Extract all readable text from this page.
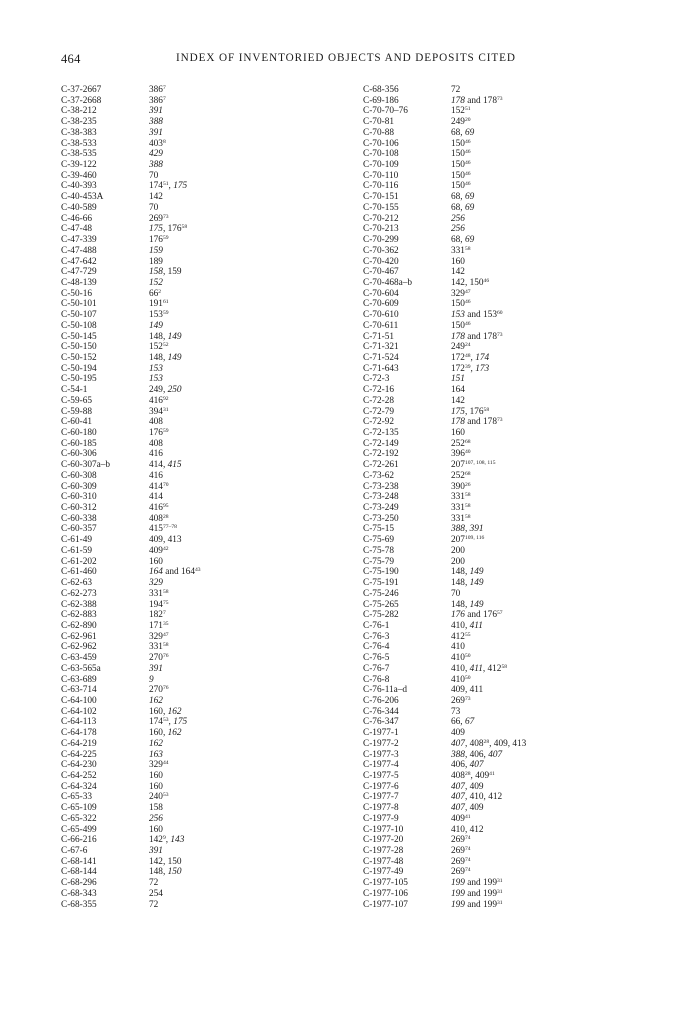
464	INDEX OF INVENTORIED OBJECTS AND DEPOSITS CITED
C-37-2667	$386^7$
C-37-2668	$386^7$
C-38-212	391
C-38-235	388
C-38-383	391
C-38-533	$403^8$
C-38-535	429
C-39-122	388
C-39-460	70
C-40-393	$174^{51}$, 175
C-40-453A	142
C-40-589	70
C-46-66	$269^{73}$
C-47-48	175, $176^{58}$
C-47-339	$176^{59}$
C-47-488	159
C-47-642	189
C-47-729	158, 159
C-48-139	152
C-50-16	$66^2$
C-50-101	$191^{61}$
C-50-107	$153^{59}$
C-50-108	149
C-50-145	148, 149
C-50-150	$152^{52}$
C-50-152	148, 149
C-50-194	153
C-50-195	153
C-54-1	249, 250
C-59-65	$416^{92}$
C-59-88	$394^{31}$
C-60-41	408
C-60-180	$176^{59}$
C-60-185	408
C-60-306	416
C-60-307a–b	414, 415
C-60-308	416
C-60-309	$414^{70}$
C-60-310	414
C-60-312	$416^{95}$
C-60-338	$408^{28}$
C-60-357	415$^{77-78}$
C-61-49	409, 413
C-61-59	$409^{42}$
C-61-202	160
C-61-460	164 and $164^{43}$
C-62-63	329
C-62-273	$331^{58}$
C-62-388	$194^{75}$
C-62-883	$182^7$
C-62-890	$171^{35}$
C-62-961	$329^{47}$
C-62-962	$331^{58}$
C-63-459	$270^{76}$
C-63-565a	391
C-63-689	9
C-63-714	$270^{76}$
C-64-100	162
C-64-102	160, 162
C-64-113	$174^{53}$, 175
C-64-178	160, 162
C-64-219	162
C-64-225	163
C-64-230	$329^{44}$
C-64-252	160
C-64-324	160
C-65-33	$240^{53}$
C-65-109	158
C-65-322	256
C-65-499	160
C-66-216	$142^9$, 143
C-67-6	391
C-68-141	142, 150
C-68-144	148, 150
C-68-296	72
C-68-343	254
C-68-355	72
C-68-356	72
C-69-186	178 and $178^{73}$
C-70-70–76	$152^{51}$
C-70-81	$249^{20}$
C-70-88	68, 69
C-70-106	$150^{46}$
C-70-108	$150^{46}$
C-70-109	$150^{46}$
C-70-110	$150^{46}$
C-70-116	$150^{46}$
C-70-151	68, 69
C-70-155	68, 69
C-70-212	256
C-70-213	256
C-70-299	68, 69
C-70-362	$331^{58}$
C-70-420	160
C-70-467	142
C-70-468a–b	142, $150^{46}$
C-70-604	$329^{47}$
C-70-609	$150^{46}$
C-70-610	153 and $153^{60}$
C-70-611	$150^{46}$
C-71-51	178 and $178^{73}$
C-71-321	$249^{24}$
C-71-524	$172^{48}$, 174
C-71-643	$172^{39}$, 173
C-72-3	151
C-72-16	164
C-72-28	142
C-72-79	175, $176^{58}$
C-72-92	178 and $178^{73}$
C-72-135	160
C-72-149	$252^{68}$
C-72-192	$396^{40}$
C-72-261	207$^{107, 108, 115}$
C-73-62	$252^{68}$
C-73-238	$390^{26}$
C-73-248	$331^{58}$
C-73-249	$331^{58}$
C-73-250	$331^{58}$
C-75-15	388, 391
C-75-69	207$^{109, 116}$
C-75-78	200
C-75-79	200
C-75-190	148, 149
C-75-191	148, 149
C-75-246	70
C-75-265	148, 149
C-75-282	176 and $176^{57}$
C-76-1	410, 411
C-76-3	$412^{55}$
C-76-4	410
C-76-5	$410^{50}$
C-76-7	410, 411, $412^{58}$
C-76-8	$410^{50}$
C-76-11a–d	409, 411
C-76-206	$269^{73}$
C-76-344	73
C-76-347	66, 67
C-1977-1	409
C-1977-2	407, $408^{28}$, 409, 413
C-1977-3	388, 406, 407
C-1977-4	406, 407
C-1977-5	$408^{28}$, $409^{41}$
C-1977-6	407, 409
C-1977-7	407, 410, 412
C-1977-8	407, 409
C-1977-9	$409^{41}$
C-1977-10	410, 412
C-1977-20	$269^{74}$
C-1977-28	$269^{74}$
C-1977-48	$269^{74}$
C-1977-49	$269^{74}$
C-1977-105	199 and $199^{31}$
C-1977-106	199 and $199^{31}$
C-1977-107	199 and $199^{31}$
